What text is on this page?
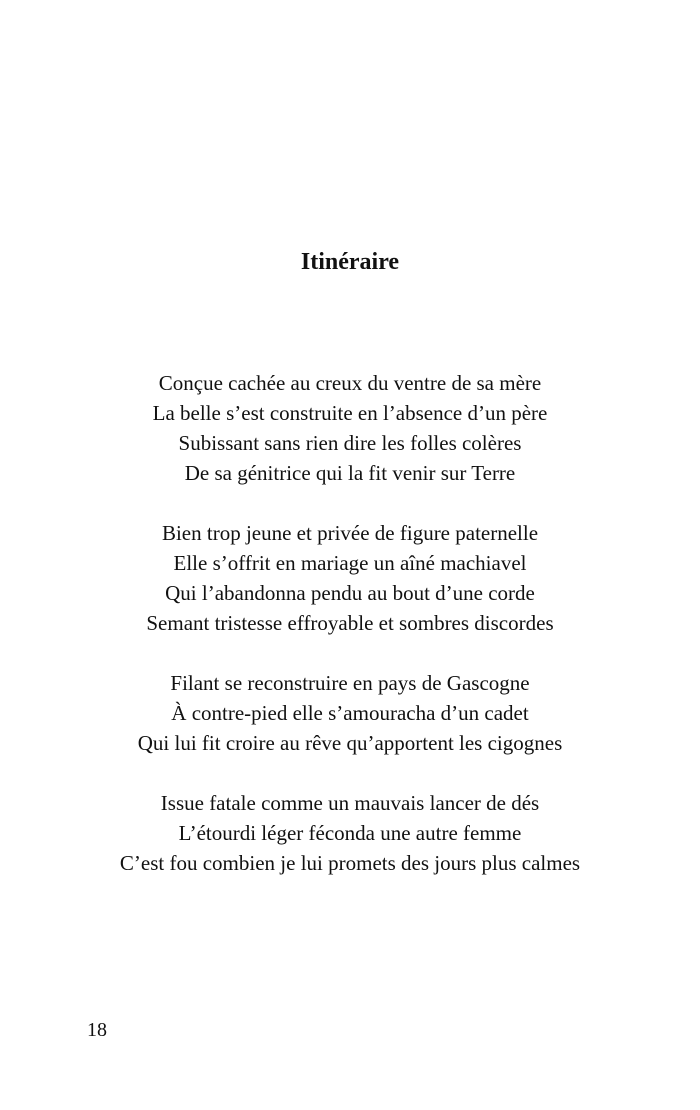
Itinéraire
Conçue cachée au creux du ventre de sa mère
La belle s’est construite en l’absence d’un père
Subissant sans rien dire les folles colères
De sa génitrice qui la fit venir sur Terre
Bien trop jeune et privée de figure paternelle
Elle s’offrit en mariage un aîné machiavel
Qui l’abandonna pendu au bout d’une corde
Semant tristesse effroyable et sombres discordes
Filant se reconstruire en pays de Gascogne
À contre-pied elle s’amouracha d’un cadet
Qui lui fit croire au rêve qu’apportent les cigognes
Issue fatale comme un mauvais lancer de dés
L’étourdi léger féconda une autre femme
C’est fou combien je lui promets des jours plus calmes
18
